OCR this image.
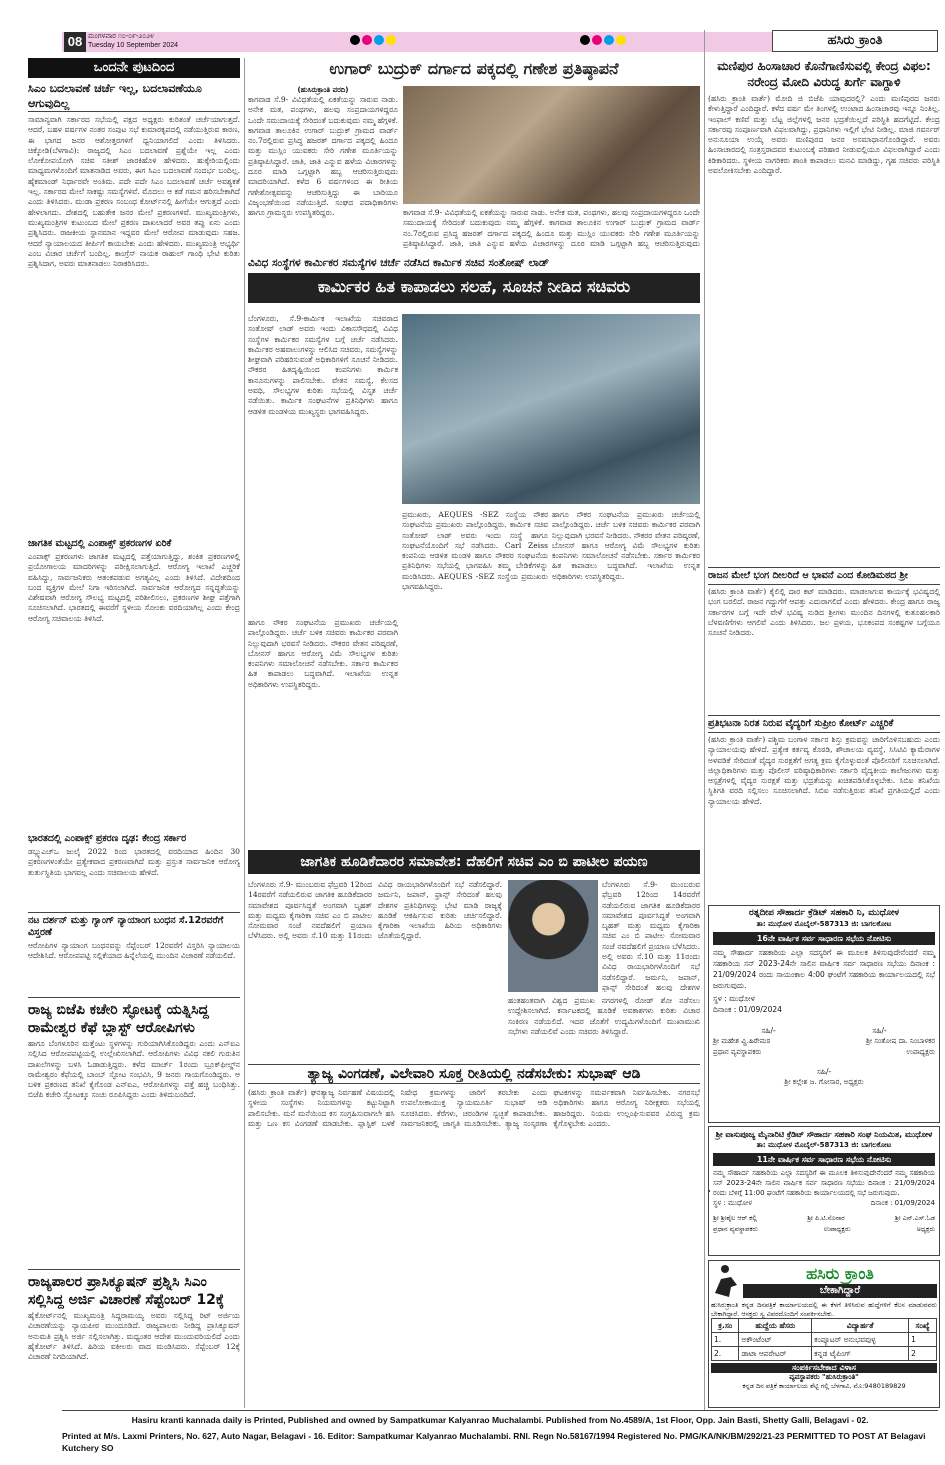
08 ಮಂಗಳವಾರ ೧೦-೦೯-೨೦೨೪
Tuesday 10 September 2024	ಹಸಿರು ಕ್ರಾಂತಿ
ಒಂದನೇ ಪುಟದಿಂದ
ಸಿಎಂ ಬದಲಾವಣೆ ಚರ್ಚೆ ಇಲ್ಲ, ಬದಲಾವಣೆಯೂ ಆಗುವುದಿಲ್ಲ
ಸಾಮಾನ್ಯವಾಗಿ ಸರ್ಕಾರದ ಸಭೆಯಲ್ಲಿ ಪಕ್ಷದ ಅಧ್ಯಕ್ಷರು ಕುರಿತಂತೆ ಚರ್ಚೆಯಾಗುತ್ತದೆ. ಆದರೆ, ಬಹಳ ವರ್ಷಗಳ ನಂತರ ಸಂಪುಟ ಸಭೆ ಕುಮಾರಕೃಪದಲ್ಲಿ ನಡೆಯುತ್ತಿರುವ ಕಾರಣ, ಈ ಭಾಗದ ಜನರ ಆಶೋತ್ತರಗಳಿಗೆ ಧ್ವನಿಯಾಗಲಿದೆ ಎಂದು ತಿಳಿಸಿದರು. ಚಿಕ್ಕೋಡಿ(ಬೆಳಗಾವಿ): ರಾಜ್ಯದಲ್ಲಿ ಸಿಎಂ ಬದಲಾವಣೆ ಪ್ರಶ್ನೆಯೇ ಇಲ್ಲ ಎಂದು ಲೋಕೋಪಯೋಗಿ ಸಚಿವ ಸತೀಶ್ ಜಾರಕಿಹೊಳಿ ಹೇಳಿದರು. ಹುಕ್ಕೇರಿಯಲ್ಲಿಂದು ಮಾಧ್ಯಮಗಳೊಂದಿಗೆ ಮಾತನಾಡಿದ ಅವರು, ಈಗ ಸಿಎಂ ಬದಲಾವಣೆ ಸಂದರ್ಭ ಬಂದಿಲ್ಲ. ಹೈಕಮಾಂಡ್ ನಿರ್ಧಾರವೇ ಅಂತಿಮ. ಪದೇ ಪದೇ ಸಿಎಂ ಬದಲಾವಣೆ ಚರ್ಚೆ ಅವಶ್ಯಕತೆ ಇಲ್ಲ. ಸರ್ಕಾರದ ಮೇಲೆ ಸಾಕಷ್ಟು ಸಮಸ್ಯೆಗಳಿವೆ. ಮೊದಲು ಆ ಕಡೆ ಗಮನ ಹರಿಸಬೇಕಾಗಿದೆ ಎಂದು ತಿಳಿಸಿದರು. ಮುಡಾ ಪ್ರಕರಣ ಸಂಬಂಧ ಕೋರ್ಟ್‌ನಲ್ಲಿ ಹೀಗೆಯೇ ಆಗುತ್ತದೆ ಎಂದು ಹೇಳಲಾಗದು. ದೇಶದಲ್ಲಿ ಬಹುತೇಕ ಜನರ ಮೇಲೆ ಪ್ರಕರಣಗಳಿವೆ. ಮುಖ್ಯಮಂತ್ರಿಗಳು, ಮುಖ್ಯಮಂತ್ರಿಗಳ ಕುಟುಂಬದ ಮೇಲೆ ಪ್ರಕರಣ ದಾಖಲಾದರೆ ಅವರ ತಪ್ಪು ಏನು ಎಂದು ಪ್ರಶ್ನಿಸಿದರು. ರಾಜಕೀಯ ಸ್ಥಾನಮಾನ ಇದ್ದವರ ಮೇಲೆ ಆರೋಪ ಮಾಡುವುದು ಸಹಜ. ಆದರೆ ನ್ಯಾಯಾಲಯದ ತೀರ್ಪಿಗೆ ಕಾಯಬೇಕು ಎಂದು ಹೇಳಿದರು. ಮುಖ್ಯಮಂತ್ರಿ ಅಭ್ಯರ್ಥಿ ಎಂಬ ವಿಚಾರ ಚರ್ಚೆಗೆ ಬಂದಿಲ್ಲ. ಕಾಂಗ್ರೆಸ್ ನಾಯಕ ರಾಹುಲ್ ಗಾಂಧಿ ಭೇಟಿ ಕುರಿತು ಪ್ರಶ್ನಿಸಿದಾಗ, ಅವರು ಮಾತನಾಡಲು ನಿರಾಕರಿಸಿದರು.
ಜಾಗತಿಕ ಮಟ್ಟದಲ್ಲಿ ಎಂಪಾಕ್ಸ್ ಪ್ರಕರಣಗಳ ಏರಿಕೆ
ಎಂಪಾಕ್ಸ್ ಪ್ರಕರಣಗಳು ಜಾಗತಿಕ ಮಟ್ಟದಲ್ಲಿ ಪತ್ತೆಯಾಗುತ್ತಿದ್ದು, ಶಂಕಿತ ಪ್ರಕರಣಗಳಲ್ಲಿ ಪ್ರಯೋಗಾಲಯ ಮಾದರಿಗಳನ್ನು ಪರೀಕ್ಷಿಸಲಾಗುತ್ತಿದೆ. ಆರೋಗ್ಯ ಇಲಾಖೆ ಎಚ್ಚರಿಕೆ ವಹಿಸಿದ್ದು, ಸಾರ್ವಜನಿಕರು ಆತಂಕಪಡುವ ಅಗತ್ಯವಿಲ್ಲ ಎಂದು ತಿಳಿಸಿದೆ. ವಿದೇಶದಿಂದ ಬಂದ ವ್ಯಕ್ತಿಗಳ ಮೇಲೆ ನಿಗಾ ಇರಿಸಲಾಗಿದೆ. ಸಾರ್ವಜನಿಕ ಆರೋಗ್ಯದ ಸನ್ನದ್ಧತೆಯನ್ನು ವಿಶೇಷವಾಗಿ ಆರೋಗ್ಯ ಸೌಲಭ್ಯ ಮಟ್ಟದಲ್ಲಿ ಪರಿಶೀಲಿಸಲು, ಪ್ರಕರಣಗಳ ಶೀಘ್ರ ಪತ್ತೆಗಾಗಿ ಸೂಚಿಸಲಾಗಿದೆ. ಭಾರತದಲ್ಲಿ ಈವರೆಗೆ ಸ್ಥಳೀಯ ಸೋಂಕು ವರದಿಯಾಗಿಲ್ಲ ಎಂದು ಕೇಂದ್ರ ಆರೋಗ್ಯ ಸಚಿವಾಲಯ ತಿಳಿಸಿದೆ.
ಭಾರತದಲ್ಲಿ ಎಂಪಾಕ್ಸ್ ಪ್ರಕರಣ ದೃಢ: ಕೇಂದ್ರ ಸರ್ಕಾರ
ಡಬ್ಲ್ಯುಎಚ್‌ಒ ಜುಲೈ 2022 ರಿಂದ ಭಾರತದಲ್ಲಿ ವರದಿಯಾದ ಹಿಂದಿನ 30 ಪ್ರಕರಣಗಳಂತೆಯೇ ಪ್ರತ್ಯೇಕವಾದ ಪ್ರಕರಣವಾಗಿದೆ ಮತ್ತು ಪ್ರಸ್ತುತ ಸಾರ್ವಜನಿಕ ಆರೋಗ್ಯ ತುರ್ತುಸ್ಥಿತಿಯ ಭಾಗವಲ್ಲ ಎಂದು ಸಚಿವಾಲಯ ಹೇಳಿದೆ.
ನಟ ದರ್ಶನ್ ಮತ್ತು ಗ್ಯಾಂಗ್ ನ್ಯಾಯಾಂಗ ಬಂಧನ ಸೆ.12ರವರೆಗೆ ವಿಸ್ತರಣೆ
ಆರೋಪಿಗಳ ನ್ಯಾಯಾಂಗ ಬಂಧನವನ್ನು ಸೆಪ್ಟೆಂಬರ್ 12ರವರೆಗೆ ವಿಸ್ತರಿಸಿ ನ್ಯಾಯಾಲಯ ಆದೇಶಿಸಿದೆ. ಆರೋಪಪಟ್ಟಿ ಸಲ್ಲಿಕೆಯಾದ ಹಿನ್ನೆಲೆಯಲ್ಲಿ ಮುಂದಿನ ವಿಚಾರಣೆ ನಡೆಯಲಿದೆ.
ರಾಜ್ಯ ಬಿಜೆಪಿ ಕಚೇರಿ ಸ್ಫೋಟಕ್ಕೆ ಯತ್ನಿಸಿದ್ದ ರಾಮೇಶ್ವರ ಕೆಫೆ ಬ್ಲಾಸ್ಟ್ ಆರೋಪಿಗಳು
ಹಾಗೂ ಬೆಂಗಳೂರಿನ ಮತ್ತೆಂಟು ಸ್ಥಳಗಳನ್ನು ಗುರಿಯಾಗಿಸಿಕೊಂಡಿದ್ದರು ಎಂದು ಎನ್‌ಐಎ ಸಲ್ಲಿಸಿದ ಆರೋಪಪಟ್ಟಿಯಲ್ಲಿ ಉಲ್ಲೇಖಿಸಲಾಗಿದೆ. ಆರೋಪಿಗಳು ವಿವಿಧ ನಕಲಿ ಗುರುತಿನ ದಾಖಲೆಗಳನ್ನು ಬಳಸಿ ಓಡಾಡುತ್ತಿದ್ದರು. ಕಳೆದ ಮಾರ್ಚ್ 1ರಂದು ಬ್ರೂಕ್‌ಫೀಲ್ಡ್‌ನ ರಾಮೇಶ್ವರಂ ಕೆಫೆಯಲ್ಲಿ ಬಾಂಬ್ ಸ್ಫೋಟ ಸಂಭವಿಸಿ, 9 ಜನರು ಗಾಯಗೊಂಡಿದ್ದರು. ಆ ಬಳಿಕ ಪ್ರಕರಣದ ತನಿಖೆ ಕೈಗೊಂಡ ಎನ್‌ಐಎ, ಆರೋಪಿಗಳನ್ನು ಪತ್ತೆ ಹಚ್ಚಿ ಬಂಧಿಸಿತ್ತು. ಬಿಜೆಪಿ ಕಚೇರಿ ಸ್ಫೋಟಕ್ಕೂ ಸಂಚು ರೂಪಿಸಿದ್ದರು ಎಂದು ತಿಳಿದುಬಂದಿದೆ.
ರಾಜ್ಯಪಾಲರ ಪ್ರಾಸಿಕ್ಯೂಷನ್ ಪ್ರಶ್ನಿಸಿ ಸಿಎಂ ಸಲ್ಲಿಸಿದ್ದ ಅರ್ಜಿ ವಿಚಾರಣೆ ಸೆಪ್ಟೆಂಬರ್ 12ಕ್ಕೆ
ಹೈಕೋರ್ಟ್‌ನಲ್ಲಿ ಮುಖ್ಯಮಂತ್ರಿ ಸಿದ್ದರಾಮಯ್ಯ ಅವರು ಸಲ್ಲಿಸಿದ್ದ ರಿಟ್ ಅರ್ಜಿಯ ವಿಚಾರಣೆಯನ್ನು ನ್ಯಾಯಪೀಠ ಮುಂದೂಡಿದೆ. ರಾಜ್ಯಪಾಲರು ನೀಡಿದ್ದ ಪ್ರಾಸಿಕ್ಯೂಷನ್ ಅನುಮತಿ ಪ್ರಶ್ನಿಸಿ ಅರ್ಜಿ ಸಲ್ಲಿಸಲಾಗಿತ್ತು. ಮಧ್ಯಂತರ ಆದೇಶ ಮುಂದುವರಿಯಲಿದೆ ಎಂದು ಹೈಕೋರ್ಟ್ ತಿಳಿಸಿದೆ. ಹಿರಿಯ ವಕೀಲರು ವಾದ ಮಂಡಿಸಿದರು. ಸೆಪ್ಟೆಂಬರ್ 12ಕ್ಕೆ ವಿಚಾರಣೆ ನಿಗದಿಯಾಗಿದೆ.
ಉಗಾರ್ ಬುದ್ರುಕ್ ದರ್ಗಾದ ಪಕ್ಕದಲ್ಲಿ ಗಣೇಶ ಪ್ರತಿಷ್ಠಾಪನೆ
(ಹುಸಿರುಕ್ರಾಂತಿ ವರದಿ)
ಕಾಗವಾಡ ಸೆ.9- ವಿವಿಧತೆಯಲ್ಲಿ ಏಕತೆಯನ್ನು ಸಾರುವ ನಾಡು. ಅನೇಕ ಮತ, ಪಂಥಗಳು, ಹಲವು ಸಂಪ್ರದಾಯಗಳಿದ್ದರೂ ಒಂದೇ ಸಮುದಾಯಕ್ಕೆ ಸೇರಿದಂತೆ ಬದುಕುವುದು ನಮ್ಮ ಹೆಗ್ಗಳಿಕೆ. ಕಾಗವಾಡ ತಾಲೂಕಿನ ಉಗಾರ್ ಬುದ್ರುಕ್ ಗ್ರಾಮದ ವಾರ್ಡ್ ನಂ.7ರಲ್ಲಿರುವ ಪ್ರಸಿದ್ಧ ಹಜರತ್ ದರ್ಗಾದ ಪಕ್ಕದಲ್ಲಿ ಹಿಂದೂ ಮತ್ತು ಮುಸ್ಲಿಂ ಯುವಕರು ಸೇರಿ ಗಣೇಶ ಮೂರ್ತಿಯನ್ನು ಪ್ರತಿಷ್ಠಾಪಿಸಿದ್ದಾರೆ. ಜಾತಿ, ಜಾತಿ ಎನ್ನುವ ಹಳೆಯ ವಿಚಾರಗಳನ್ನು ದೂರ ಮಾಡಿ ಒಗ್ಗಟ್ಟಾಗಿ ಹಬ್ಬ ಆಚರಿಸುತ್ತಿರುವುದು ಮಾದರಿಯಾಗಿದೆ. ಕಳೆದ 6 ವರ್ಷಗಳಿಂದ ಈ ರೀತಿಯ ಗಣೇಶೋತ್ಸವವನ್ನು ಆಚರಿಸುತ್ತಿದ್ದು ಈ ಬಾರಿಯೂ ವಿಜೃಂಭಣೆಯಿಂದ ನಡೆಯುತ್ತಿದೆ. ಸಂಘದ ಪದಾಧಿಕಾರಿಗಳು ಹಾಗೂ ಗ್ರಾಮಸ್ಥರು ಉಪಸ್ಥಿತರಿದ್ದರು.	ಕಾಗವಾಡ ಸೆ.9- ವಿವಿಧತೆಯಲ್ಲಿ ಏಕತೆಯನ್ನು ಸಾರುವ ನಾಡು. ಅನೇಕ ಮತ, ಪಂಥಗಳು, ಹಲವು ಸಂಪ್ರದಾಯಗಳಿದ್ದರೂ ಒಂದೇ ಸಮುದಾಯಕ್ಕೆ ಸೇರಿದಂತೆ ಬದುಕುವುದು ನಮ್ಮ ಹೆಗ್ಗಳಿಕೆ. ಕಾಗವಾಡ ತಾಲೂಕಿನ ಉಗಾರ್ ಬುದ್ರುಕ್ ಗ್ರಾಮದ ವಾರ್ಡ್ ನಂ.7ರಲ್ಲಿರುವ ಪ್ರಸಿದ್ಧ ಹಜರತ್ ದರ್ಗಾದ ಪಕ್ಕದಲ್ಲಿ ಹಿಂದೂ ಮತ್ತು ಮುಸ್ಲಿಂ ಯುವಕರು ಸೇರಿ ಗಣೇಶ ಮೂರ್ತಿಯನ್ನು ಪ್ರತಿಷ್ಠಾಪಿಸಿದ್ದಾರೆ. ಜಾತಿ, ಜಾತಿ ಎನ್ನುವ ಹಳೆಯ ವಿಚಾರಗಳನ್ನು ದೂರ ಮಾಡಿ ಒಗ್ಗಟ್ಟಾಗಿ ಹಬ್ಬ ಆಚರಿಸುತ್ತಿರುವುದು
ಮಣಿಪುರ ಹಿಂಸಾಚಾರ ಕೊನೆಗಾಣಿಸುವಲ್ಲಿ ಕೇಂದ್ರ ವಿಫಲ: ನರೇಂದ್ರ ಮೋದಿ ವಿರುದ್ಧ ಖರ್ಗೆ ವಾಗ್ದಾಳಿ
(ಹಸಿರು ಕ್ರಾಂತಿ ವಾರ್ತೆ) ಮೋದಿ ಜಿ ಬಿಜೆಪಿ ಯಾವುದರಲ್ಲಿ? ಎಂದು ಮಣಿಪುರದ ಜನರು ಕೇಳುತ್ತಿದ್ದಾರೆ ಎಂದಿದ್ದಾರೆ. ಕಳೆದ ವರ್ಷ ಮೇ ತಿಂಗಳಲ್ಲಿ ಉಂಟಾದ ಹಿಂಸಾಚಾರವು ಇನ್ನೂ ನಿಂತಿಲ್ಲ. ಇಂಫಾಲ್ ಕಣಿವೆ ಮತ್ತು ಬೆಟ್ಟ ಜಿಲ್ಲೆಗಳಲ್ಲಿ ಜನರ ಭದ್ರತೆಯಿಲ್ಲದೆ ಪರಿಸ್ಥಿತಿ ಹದಗೆಟ್ಟಿದೆ. ಕೇಂದ್ರ ಸರ್ಕಾರವು ಸಂಪೂರ್ಣವಾಗಿ ವಿಫಲವಾಗಿದ್ದು, ಪ್ರಧಾನಿಗಳು ಇಲ್ಲಿಗೆ ಭೇಟಿ ನೀಡಿಲ್ಲ. ಮಾಜಿ ಗವರ್ನರ್ ಅನುಸೂಯಾ ಉಯ್ಕೆ ಅವರು ಮಣಿಪುರದ ಜನರ ಅಸಮಾಧಾನಗೊಂಡಿದ್ದಾರೆ. ಅವರು ಹಿಂಸಾಚಾರದಲ್ಲಿ ಸಂತ್ರಸ್ತರಾದವರ ಕುಟುಂಬಕ್ಕೆ ಪರಿಹಾರ ನೀಡುವಲ್ಲಿಯೂ ವಿಫಲರಾಗಿದ್ದಾರೆ ಎಂದು ಕಿಡಿಕಾರಿದರು. ಸ್ಥಳೀಯ ನಾಗರಿಕರು ಶಾಂತಿ ಕಾಪಾಡಲು ಮನವಿ ಮಾಡಿದ್ದು, ಗೃಹ ಸಚಿವರು ಪರಿಸ್ಥಿತಿ ಅವಲೋಕಿಸಬೇಕು ಎಂದಿದ್ದಾರೆ.
ರಾಜನ ಮೇಲೆ ಭಂಗ ದೀಲರಿದೆ ಆ ಭಾವನೆ ಎಂದ ಕೋಡಿಮಠದ ಶ್ರೀ
(ಹಸಿರು ಕ್ರಾಂತಿ ವಾರ್ತೆ) ಕೈಲಿಲ್ಲಿ ದಾರ ಕಟ್ ಮಾಡಿದರು. ಮಾಡಲಾಗುವ ಕಾರ್ಯಕ್ಕೆ ಭವಿಷ್ಯದಲ್ಲಿ ಭಂಗ ಬರಲಿದೆ. ರಾಜನ ಗದ್ದುಗೆಗೆ ಆಪತ್ತು ಎದುರಾಗಲಿದೆ ಎಂದು ಹೇಳಿದರು. ಕೇಂದ್ರ ಹಾಗೂ ರಾಜ್ಯ ಸರ್ಕಾರಗಳ ಬಗ್ಗೆ ಇದೇ ವೇಳೆ ಭವಿಷ್ಯ ನುಡಿದ ಶ್ರೀಗಳು ಮುಂದಿನ ದಿನಗಳಲ್ಲಿ ಕುತೂಹಲಕಾರಿ ಬೆಳವಣಿಗೆಗಳು ಆಗಲಿವೆ ಎಂದು ತಿಳಿಸಿದರು. ಜಲ ಪ್ರಳಯ, ಭೂಕಂಪದ ಸಂಕಷ್ಟಗಳ ಬಗ್ಗೆಯೂ ಸೂಚನೆ ನೀಡಿದರು.
ವಿವಿಧ ಸಂಸ್ಥೆಗಳ ಕಾರ್ಮಿಕರ ಸಮಸ್ಯೆಗಳ ಚರ್ಚೆ ನಡೆಸಿದ ಕಾರ್ಮಿಕ ಸಚಿವ ಸಂತೋಷ್ ಲಾಡ್
ಕಾರ್ಮಿಕರ ಹಿತ ಕಾಪಾಡಲು ಸಲಹೆ, ಸೂಚನೆ ನೀಡಿದ ಸಚಿವರು
ಬೆಂಗಳೂರು, ಸೆ.9-ಕಾರ್ಮಿಕ ಇಲಾಖೆಯ ಸಚಿವರಾದ ಸಂತೋಷ್ ಲಾಡ್ ಅವರು ಇಂದು ವಿಕಾಸಸೌಧದಲ್ಲಿ ವಿವಿಧ ಸಂಸ್ಥೆಗಳ ಕಾರ್ಮಿಕರ ಸಮಸ್ಯೆಗಳ ಬಗ್ಗೆ ಚರ್ಚೆ ನಡೆಸಿದರು. ಕಾರ್ಮಿಕರ ಅಹವಾಲುಗಳನ್ನು ಆಲಿಸಿದ ಸಚಿವರು, ಸಮಸ್ಯೆಗಳನ್ನು ಶೀಘ್ರವಾಗಿ ಪರಿಹರಿಸುವಂತೆ ಅಧಿಕಾರಿಗಳಿಗೆ ಸೂಚನೆ ನೀಡಿದರು. ನೌಕರರ ಹಿತದೃಷ್ಟಿಯಿಂದ ಕಂಪನಿಗಳು ಕಾರ್ಮಿಕ ಕಾನೂನುಗಳನ್ನು ಪಾಲಿಸಬೇಕು. ವೇತನ ಸಮಸ್ಯೆ, ಕೆಲಸದ ಅವಧಿ, ಸೌಲಭ್ಯಗಳ ಕುರಿತು ಸಭೆಯಲ್ಲಿ ವಿಸ್ತೃತ ಚರ್ಚೆ ನಡೆಯಿತು. ಕಾರ್ಮಿಕ ಸಂಘಟನೆಗಳ ಪ್ರತಿನಿಧಿಗಳು ಹಾಗೂ ಆಡಳಿತ ಮಂಡಳಿಯ ಮುಖ್ಯಸ್ಥರು ಭಾಗವಹಿಸಿದ್ದರು.
ಹಾಗೂ ನೌಕರ ಸಂಘಟನೆಯ ಪ್ರಮುಖರು ಚರ್ಚೆಯಲ್ಲಿ ಪಾಲ್ಗೊಂಡಿದ್ದರು. ಚರ್ಚೆ ಬಳಿಕ ಸಚಿವರು ಕಾರ್ಮಿಕರ ಪರವಾಗಿ ನಿಲ್ಲುವುದಾಗಿ ಭರವಸೆ ನೀಡಿದರು. ನೌಕರರ ವೇತನ ಪರಿಷ್ಕರಣೆ, ಬೋನಸ್ ಹಾಗೂ ಆರೋಗ್ಯ ವಿಮೆ ಸೌಲಭ್ಯಗಳ ಕುರಿತು ಕಂಪನಿಗಳು ಸಮಾಲೋಚನೆ ನಡೆಸಬೇಕು. ಸರ್ಕಾರ ಕಾರ್ಮಿಕರ ಹಿತ ಕಾಪಾಡಲು ಬದ್ಧವಾಗಿದೆ. ಇಲಾಖೆಯ ಉನ್ನತ ಅಧಿಕಾರಿಗಳು ಉಪಸ್ಥಿತರಿದ್ದರು.
ಪ್ರಮುಖರು, AEQUES -SEZ ಸಂಸ್ಥೆಯ ನೌಕರ ಸಂಘಟನೆಯ ಪ್ರಮುಖರು ಪಾಲ್ಗೊಂಡಿದ್ದರು. ಕಾರ್ಮಿಕ ಸಚಿವ ಸಂತೋಷ್ ಲಾಡ್ ಅವರು ಇಂದು ಸಂಸ್ಥೆ ಹಾಗೂ ಸಂಘಟನೆಯೊಂದಿಗೆ ಸಭೆ ನಡೆಸಿದರು. Carl Zeiss ಕಂಪನಿಯ ಆಡಳಿತ ಮಂಡಳಿ ಹಾಗೂ ನೌಕರರ ಸಂಘಟನೆಯ ಪ್ರತಿನಿಧಿಗಳು ಸಭೆಯಲ್ಲಿ ಭಾಗವಹಿಸಿ ತಮ್ಮ ಬೇಡಿಕೆಗಳನ್ನು ಮಂಡಿಸಿದರು. AEQUES -SEZ ಸಂಸ್ಥೆಯ ಪ್ರಮುಖರು ಭಾಗವಹಿಸಿದ್ದರು.
ಹಾಗೂ ನೌಕರ ಸಂಘಟನೆಯ ಪ್ರಮುಖರು ಚರ್ಚೆಯಲ್ಲಿ ಪಾಲ್ಗೊಂಡಿದ್ದರು. ಚರ್ಚೆ ಬಳಿಕ ಸಚಿವರು ಕಾರ್ಮಿಕರ ಪರವಾಗಿ ನಿಲ್ಲುವುದಾಗಿ ಭರವಸೆ ನೀಡಿದರು. ನೌಕರರ ವೇತನ ಪರಿಷ್ಕರಣೆ, ಬೋನಸ್ ಹಾಗೂ ಆರೋಗ್ಯ ವಿಮೆ ಸೌಲಭ್ಯಗಳ ಕುರಿತು ಕಂಪನಿಗಳು ಸಮಾಲೋಚನೆ ನಡೆಸಬೇಕು. ಸರ್ಕಾರ ಕಾರ್ಮಿಕರ ಹಿತ ಕಾಪಾಡಲು ಬದ್ಧವಾಗಿದೆ. ಇಲಾಖೆಯ ಉನ್ನತ ಅಧಿಕಾರಿಗಳು ಉಪಸ್ಥಿತರಿದ್ದರು.
ಜಾಗತಿಕ ಹೂಡಿಕೆದಾರರ ಸಮಾವೇಶ: ದೆಹಲಿಗೆ ಸಚಿವ ಎಂ ಬಿ ಪಾಟೀಲ ಪಯಣ
ಬೆಂಗಳೂರು ಸೆ.9- ಮುಂಬರುವ ಫೆಬ್ರವರಿ 12ರಿಂದ 14ರವರೆಗೆ ನಡೆಯಲಿರುವ ಜಾಗತಿಕ ಹೂಡಿಕೆದಾರರ ಸಮಾವೇಶದ ಪೂರ್ವಸಿದ್ಧತೆ ಅಂಗವಾಗಿ ಬೃಹತ್ ಮತ್ತು ಮಧ್ಯಮ ಕೈಗಾರಿಕಾ ಸಚಿವ ಎಂ ಬಿ ಪಾಟೀಲ ಸೋಮವಾರ ಸಂಜೆ ನವದೆಹಲಿಗೆ ಪ್ರಯಾಣ ಬೆಳೆಸಿದರು. ಅಲ್ಲಿ ಅವರು ಸೆ.10 ಮತ್ತು 11ರಂದು ವಿವಿಧ ರಾಯಭಾರಿಗಳೊಂದಿಗೆ ಸಭೆ ನಡೆಸಲಿದ್ದಾರೆ. ಜರ್ಮನಿ, ಜಪಾನ್, ಫ್ರಾನ್ಸ್ ಸೇರಿದಂತೆ ಹಲವು ದೇಶಗಳ ಪ್ರತಿನಿಧಿಗಳನ್ನು ಭೇಟಿ ಮಾಡಿ ರಾಜ್ಯಕ್ಕೆ ಹೂಡಿಕೆ ಆಕರ್ಷಿಸುವ ಕುರಿತು ಚರ್ಚಿಸಲಿದ್ದಾರೆ. ಕೈಗಾರಿಕಾ ಇಲಾಖೆಯ ಹಿರಿಯ ಅಧಿಕಾರಿಗಳು ಜೊತೆಯಲ್ಲಿದ್ದಾರೆ.
ಬೆಂಗಳೂರು ಸೆ.9- ಮುಂಬರುವ ಫೆಬ್ರವರಿ 12ರಿಂದ 14ರವರೆಗೆ ನಡೆಯಲಿರುವ ಜಾಗತಿಕ ಹೂಡಿಕೆದಾರರ ಸಮಾವೇಶದ ಪೂರ್ವಸಿದ್ಧತೆ ಅಂಗವಾಗಿ ಬೃಹತ್ ಮತ್ತು ಮಧ್ಯಮ ಕೈಗಾರಿಕಾ ಸಚಿವ ಎಂ ಬಿ ಪಾಟೀಲ ಸೋಮವಾರ ಸಂಜೆ ನವದೆಹಲಿಗೆ ಪ್ರಯಾಣ ಬೆಳೆಸಿದರು. ಅಲ್ಲಿ ಅವರು ಸೆ.10 ಮತ್ತು 11ರಂದು ವಿವಿಧ ರಾಯಭಾರಿಗಳೊಂದಿಗೆ ಸಭೆ ನಡೆಸಲಿದ್ದಾರೆ. ಜರ್ಮನಿ, ಜಪಾನ್, ಫ್ರಾನ್ಸ್ ಸೇರಿದಂತೆ ಹಲವು ದೇಶಗಳ
ಹಂತಹಂತವಾಗಿ ವಿಶ್ವದ ಪ್ರಮುಖ ನಗರಗಳಲ್ಲಿ ರೋಡ್ ಶೋ ನಡೆಸಲು ಉದ್ದೇಶಿಸಲಾಗಿದೆ. ಕರ್ನಾಟಕದಲ್ಲಿ ಹೂಡಿಕೆ ಅವಕಾಶಗಳು ಕುರಿತು ವಿಚಾರ ಸಂಕಿರಣ ನಡೆಯಲಿದೆ. ಇದರ ಜೊತೆಗೆ ಉದ್ಯಮಿಗಳೊಂದಿಗೆ ಮುಖಾಮುಖಿ ಸಭೆಗಳು ನಡೆಯಲಿವೆ ಎಂದು ಸಚಿವರು ತಿಳಿಸಿದ್ದಾರೆ.
ತ್ಯಾಜ್ಯ ವಿಂಗಡಣೆ, ವಿಲೇವಾರಿ ಸೂಕ್ತ ರೀತಿಯಲ್ಲಿ ನಡೆಸಬೇಕು: ಸುಭಾಷ್ ಆಡಿ
(ಹಸಿರು ಕ್ರಾಂತಿ ವಾರ್ತೆ) ಘನತ್ಯಾಜ್ಯ ನಿರ್ವಹಣೆ ವಿಷಯದಲ್ಲಿ ಸ್ಥಳೀಯ ಸಂಸ್ಥೆಗಳು ನಿಯಮಗಳನ್ನು ಕಟ್ಟುನಿಟ್ಟಾಗಿ ಪಾಲಿಸಬೇಕು. ಮನೆ ಮನೆಯಿಂದ ಕಸ ಸಂಗ್ರಹಿಸುವಾಗಲೇ ಹಸಿ ಮತ್ತು ಒಣ ಕಸ ವಿಂಗಡಣೆ ಮಾಡಬೇಕು. ಪ್ಲಾಸ್ಟಿಕ್ ಬಳಕೆ ನಿಷೇಧ ಕ್ರಮಗಳನ್ನು ಜಾರಿಗೆ ತರಬೇಕು ಎಂದು ಉಪಲೋಕಾಯುಕ್ತ ನ್ಯಾಯಮೂರ್ತಿ ಸುಭಾಷ್ ಆಡಿ ಸೂಚಿಸಿದರು. ಕೆರೆಗಳು, ಚರಂಡಿಗಳ ಸ್ವಚ್ಛತೆ ಕಾಪಾಡಬೇಕು. ಸಾರ್ವಜನಿಕರಲ್ಲಿ ಜಾಗೃತಿ ಮೂಡಿಸಬೇಕು. ತ್ಯಾಜ್ಯ ಸಂಸ್ಕರಣಾ ಘಟಕಗಳನ್ನು ಸಮರ್ಪಕವಾಗಿ ನಿರ್ವಹಿಸಬೇಕು. ನಗರಸಭೆ ಅಧಿಕಾರಿಗಳು ಹಾಗೂ ಆರೋಗ್ಯ ನಿರೀಕ್ಷಕರು ಸಭೆಯಲ್ಲಿ ಹಾಜರಿದ್ದರು. ನಿಯಮ ಉಲ್ಲಂಘಿಸುವವರ ವಿರುದ್ಧ ಕ್ರಮ ಕೈಗೊಳ್ಳಬೇಕು ಎಂದರು.
ಪ್ರತಿಭಟನಾ ನಿರತ ನಿರುವ ವೈದ್ಯರಿಗೆ ಸುಪ್ರೀಂ ಕೋರ್ಟ್ ಎಚ್ಚರಿಕೆ
(ಹಸಿರು ಕ್ರಾಂತಿ ವಾರ್ತೆ) ಪಶ್ಚಿಮ ಬಂಗಾಳ ಸರ್ಕಾರ ಶಿಸ್ತು ಕ್ರಮವನ್ನು ಜಾರಿಗೊಳಿಸಬಹುದು ಎಂದು ನ್ಯಾಯಾಲಯವು ಹೇಳಿದೆ. ಪ್ರತ್ಯೇಕ ಕರ್ತವ್ಯ ಕೊಠಡಿ, ಶೌಚಾಲಯ ವ್ಯವಸ್ಥೆ, ಸಿಸಿಟಿವಿ ಕ್ಯಾಮೆರಾಗಳ ಅಳವಡಿಕೆ ಸೇರಿದಂತೆ ವೈದ್ಯರ ಸುರಕ್ಷತೆಗೆ ಅಗತ್ಯ ಕ್ರಮ ಕೈಗೊಳ್ಳುವಂತೆ ಪೊಲೀಸರಿಗೆ ಸೂಚಿಸಲಾಗಿದೆ. ಜಿಲ್ಲಾಧಿಕಾರಿಗಳು ಮತ್ತು ಪೊಲೀಸ್ ವರಿಷ್ಠಾಧಿಕಾರಿಗಳು ಸರ್ಕಾರಿ ವೈದ್ಯಕೀಯ ಕಾಲೇಜುಗಳು ಮತ್ತು ಆಸ್ಪತ್ರೆಗಳಲ್ಲಿ ವೈದ್ಯರ ಸುರಕ್ಷತೆ ಮತ್ತು ಭದ್ರತೆಯನ್ನು ಖಚಿತಪಡಿಸಿಕೊಳ್ಳಬೇಕು. ಸಿಬಿಐ ತನಿಖೆಯ ಸ್ಥಿತಿಗತಿ ವರದಿ ಸಲ್ಲಿಸಲು ಸೂಚಿಸಲಾಗಿದೆ. ಸಿಬಿಐ ನಡೆಸುತ್ತಿರುವ ತನಿಖೆ ಪ್ರಗತಿಯಲ್ಲಿದೆ ಎಂದು ನ್ಯಾಯಾಲಯ ಹೇಳಿದೆ.
ರತ್ನದೀಪ ಸೌಹಾರ್ದ ಕ್ರೆಡಿಟ್ ಸಹಕಾರಿ ನಿ, ಮುಧೋಳ
ತಾ: ಮುಧೋಳ ಮೊಬೈಲ್-587313 ಜಿ: ಬಾಗಲಕೋಟ
16ನೇ ವಾರ್ಷಿಕ ಸರ್ವ ಸಾಧಾರಣ ಸಭೆಯ ನೋಟಿಸು
ನಮ್ಮ ಸೌಹಾರ್ದ ಸಹಕಾರಿಯ ಎಲ್ಲಾ ಸದಸ್ಯರಿಗೆ ಈ ಮೂಲಕ ತಿಳಿಸುವುದೇನೆಂದರೆ ನಮ್ಮ ಸಹಕಾರಿಯ ಸನ್ 2023-24ನೇ ಸಾಲಿನ ವಾರ್ಷಿಕ ಸರ್ವ ಸಾಧಾರಣ ಸಭೆಯು ದಿನಾಂಕ : 21/09/2024 ರಂದು ಸಾಯಂಕಾಲ 4:00 ಘಂಟೆಗೆ ಸಹಕಾರಿಯ ಕಾರ್ಯಾಲಯದಲ್ಲಿ ಸಭೆ ಜರುಗುವುದು.
ಸ್ಥಳ : ಮುಧೋಳ
ದಿನಾಂಕ : 01/09/2024
ಸಹಿ/-	ಸಹಿ/-
ಶ್ರೀ ಮಹೇಶ ವ್ಹಿ.ಹಿರೇಮಠ	ಶ್ರೀ ಸಂತೋಷ ದಾ. ನಿಂಬಾಳಕರ
ಪ್ರಧಾನ ವ್ಯವಸ್ಥಾಪಕರು	ಉಪಾಧ್ಯಕ್ಷರು
ಸಹಿ/-
ಶ್ರೀ ಕಲ್ಲೇಶ ಜ. ಗೋಸಾರ, ಅಧ್ಯಕ್ಷರು
ಶ್ರೀ ವಾಸುಪೂಜ್ಯ ಮೈನಾರಿಟಿ ಕ್ರೆಡಿಟ್ ಸೌಹಾರ್ದ ಸಹಕಾರಿ ಸಂಘ ನಿಯಮಿತ, ಮುಧೋಳ
ತಾ: ಮುಧೋಳ ಮೊಬೈಲ್-587313 ಜಿ: ಬಾಗಲಕೋಟ
11ನೇ ವಾರ್ಷಿಕ ಸರ್ವ ಸಾಧಾರಣ ಸಭೆಯ ನೋಟಿಸು
ನಮ್ಮ ಸೌಹಾರ್ದ ಸಹಕಾರಿಯ ಎಲ್ಲಾ ಸದಸ್ಯರಿಗೆ ಈ ಮೂಲಕ ತಿಳಿಸುವುದೇನೆಂದರೆ ನಮ್ಮ ಸಹಕಾರಿಯ ಸನ್ 2023-24ನೇ ಸಾಲಿನ ವಾರ್ಷಿಕ ಸರ್ವ ಸಾಧಾರಣ ಸಭೆಯು ದಿನಾಂಕ : 21/09/2024 ರಂದು ಬೆಳಿಗ್ಗೆ 11:00 ಘಂಟೆಗೆ ಸಹಕಾರಿಯ ಕಾರ್ಯಾಲಯದಲ್ಲಿ ಸಭೆ ಜರುಗುವುದು.
ಸ್ಥಳ : ಮುಧೋಳ	ದಿನಾಂಕ : 01/09/2024
ಶ್ರೀ ಶ್ರೀಶೈಲ ಆರ್ ಕಲ್ಲಿ	ಶ್ರೀ ಪಿ.ಟಿ.ಸೊನಾರ	ಶ್ರೀ ಎನ್.ಎಸ್.ಓಡ
ಪ್ರಧಾನ ವ್ಯವಸ್ಥಾಪಕರು	ಉಪಾಧ್ಯಕ್ಷರು	ಅಧ್ಯಕ್ಷರು
Hasiru kranti kannada daily is Printed, Published and owned by Sampatkumar Kalyanrao Muchalambi. Published from No.4589/A, 1st Floor, Opp. Jain Basti, Shetty Galli, Belagavi - 02.
Printed at M/s. Laxmi Printers, No. 627, Auto Nagar, Belagavi - 16. Editor: Sampatkumar Kalyanrao Muchalambi. RNI. Regn No.58167/1994 Registered No. PMG/KA/NK/BM/292/21-23 PERMITTED TO POST AT Belagavi Kutchery SO
ಹಸಿರು ಕ್ರಾಂತಿ
ಬೇಕಾಗಿದ್ದಾರೆ
ಹುಸಿರುಕ್ರಾಂತಿ ಕನ್ನಡ ದಿನಪತ್ರಿಕೆ ಕಾರ್ಯಾಲಯದಲ್ಲಿ ಈ ಕೆಳಗೆ ತಿಳಿಸಿರುವ ಹುದ್ದೆಗಳಿಗೆ ಕೆಲಸ ಮಾಡುವವರು ಬೇಕಾಗಿದ್ದಾರೆ. ಆಸಕ್ತರು ಸ್ವ ವಿವರದೊಂದಿಗೆ ಸಂಪರ್ಕಿಸಬೇಕು.
ಕ್ರ.ಸಂ	ಹುದ್ದೆಯ ಹೆಸರು	ವಿದ್ಯಾರ್ಹತೆ	ಸಂಖ್ಯೆ
1.	ಅಕೌಂಟೆಂಟ್	ಕಂಪ್ಯೂಟರ್ ಅನುಭವವುಳ್ಳ	1
2.	ಡಾಟಾ ಆಪರೇಟರ್	ಕನ್ನಡ ಟೈಪಿಂಗ್	2
ಸಂಪರ್ಕಿಸಬೇಕಾದ ವಿಳಾಸ
ವ್ಯವಸ್ಥಾಪಕರು "ಹುಸಿರುಕ್ರಾಂತಿ"
ಕನ್ನಡ ದಿನ ಪತ್ರಿಕೆ ಕಾರ್ಯಾಲಯ ಶೆಟ್ಟಿ ಗಲ್ಲಿ ಬೆಳಗಾವಿ, ಮೊ:9480189829
